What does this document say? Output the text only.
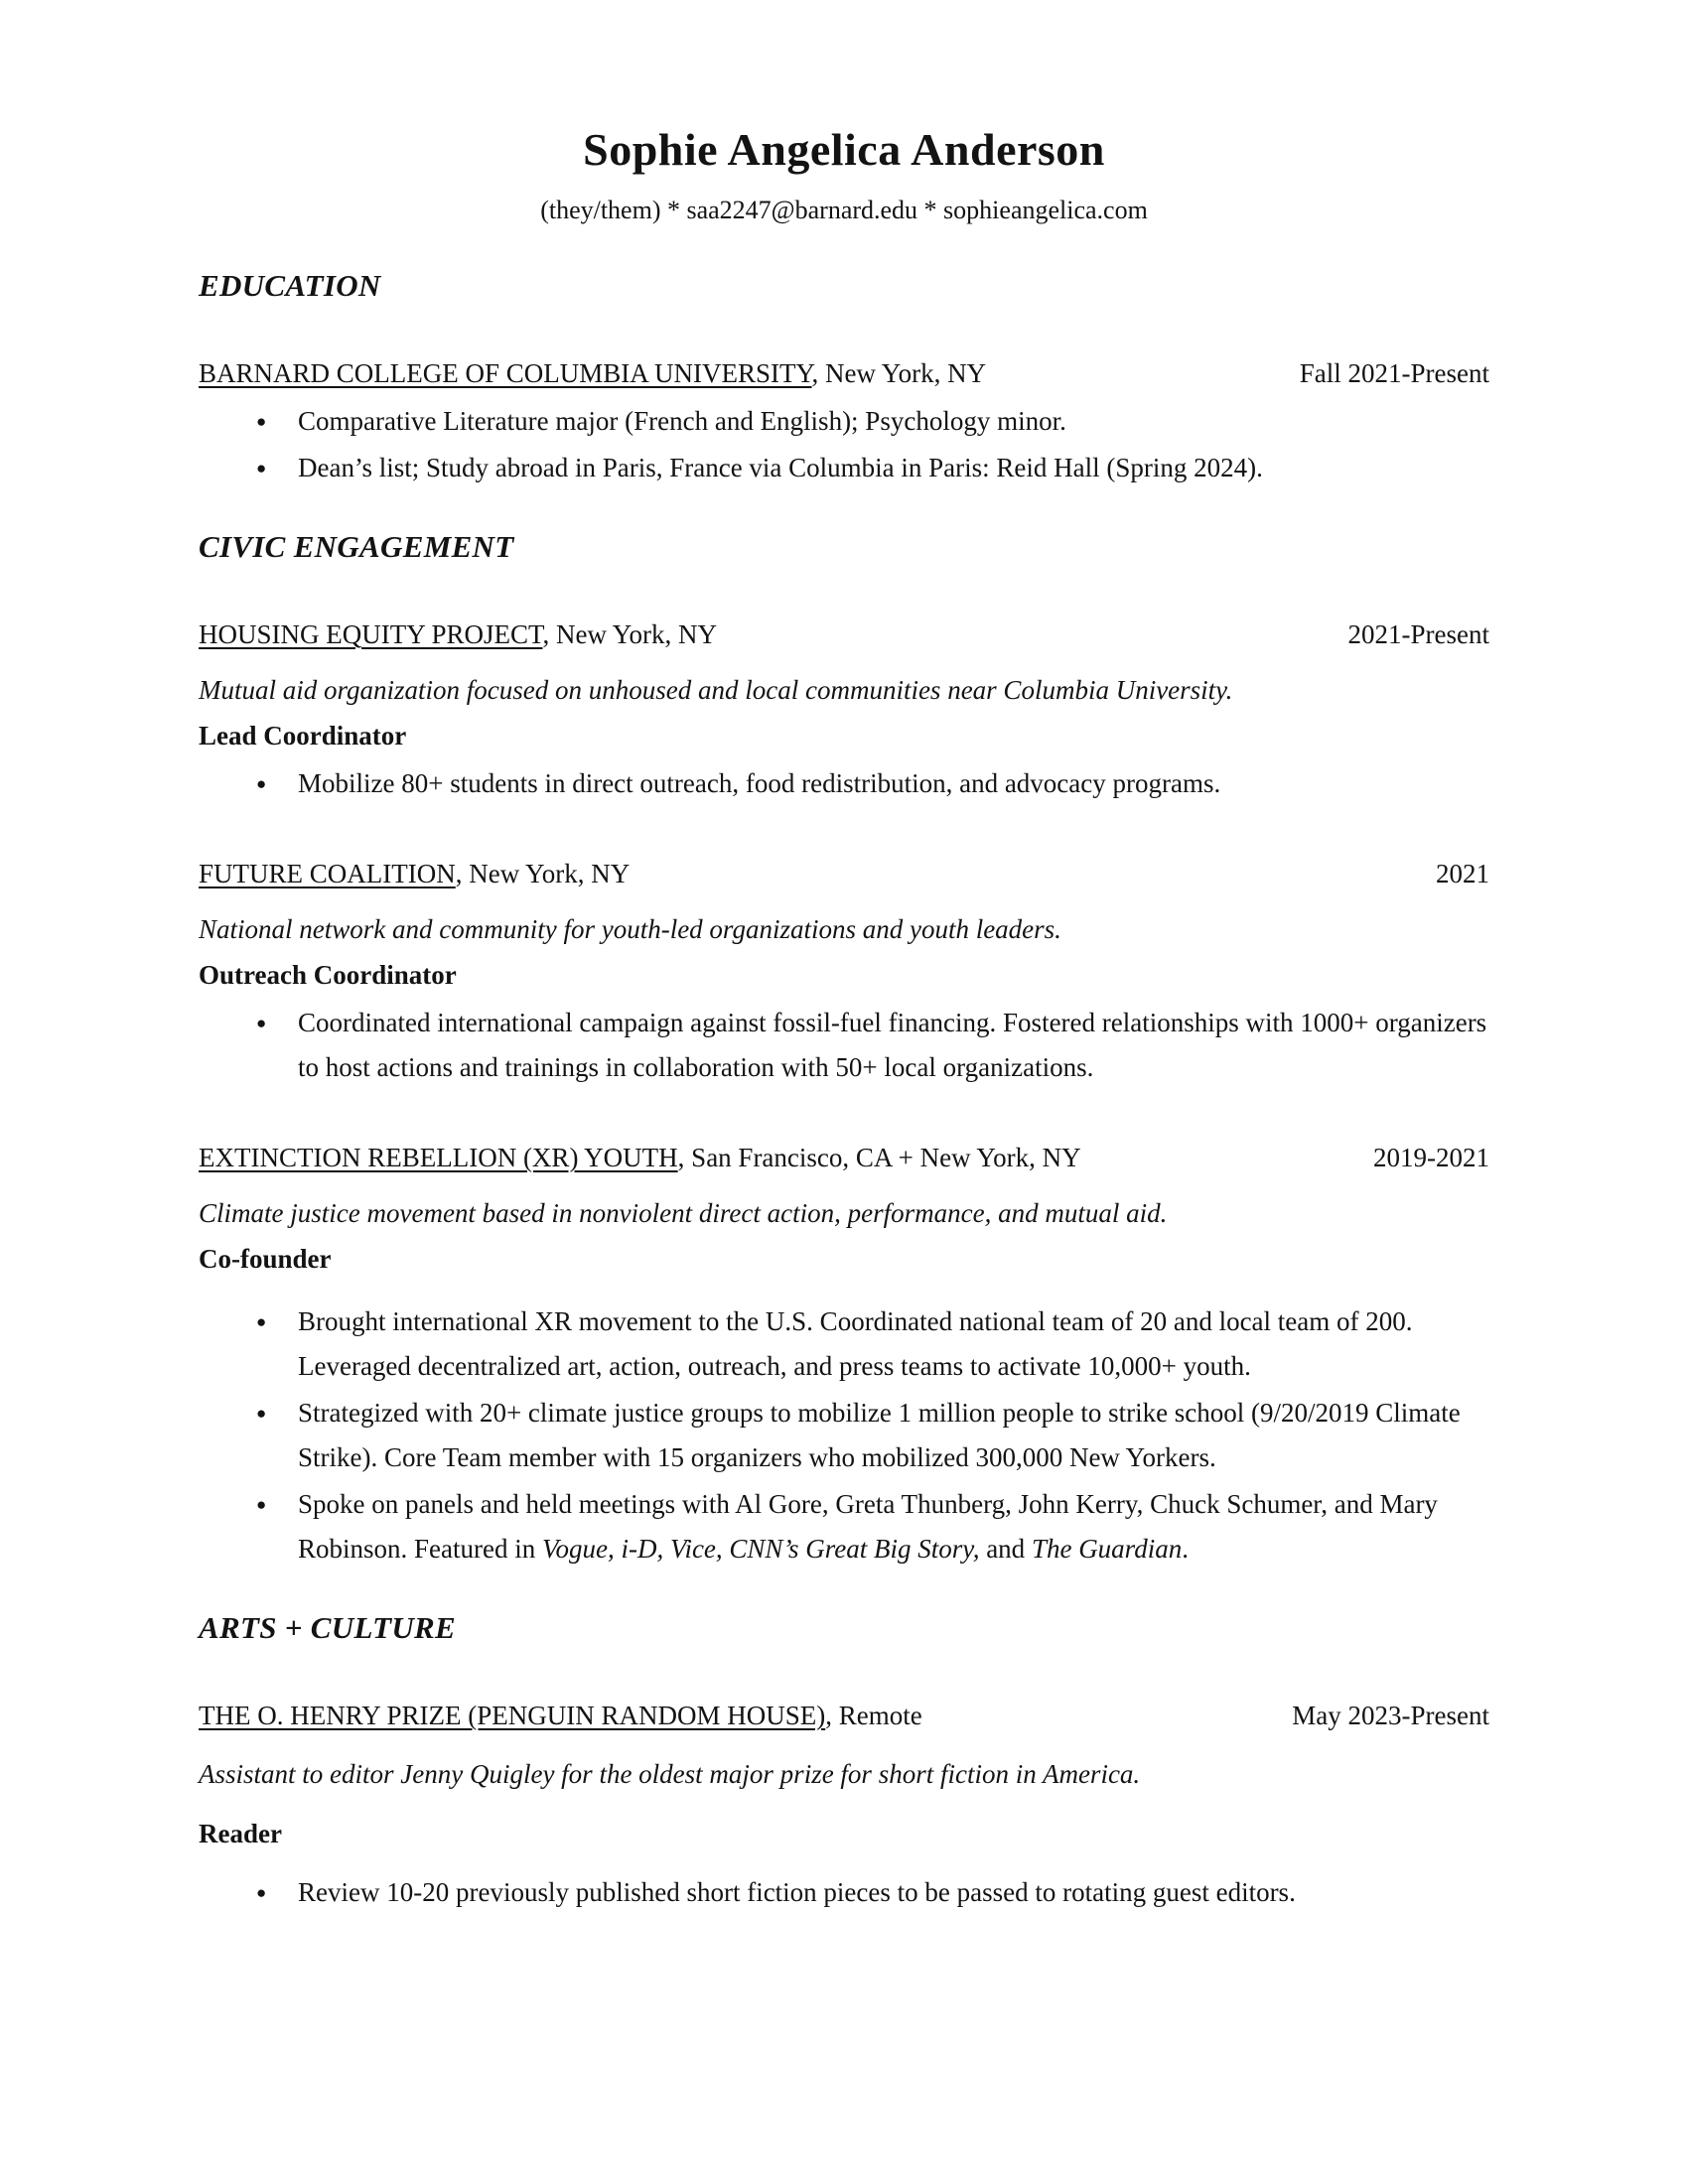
Sophie Angelica Anderson

(they/them) * saa2247@barnard.edu * sophieangelica.com

EDUCATION

BARNARD COLLEGE OF COLUMBIA UNIVERSITY, New York, NY	Fall 2021-Present
● Comparative Literature major (French and English); Psychology minor.
● Dean’s list; Study abroad in Paris, France via Columbia in Paris: Reid Hall (Spring 2024).
CIVIC ENGAGEMENT

HOUSING EQUITY PROJECT, New York, NY	2021-Present

Mutual aid organization focused on unhoused and local communities near Columbia University.

Lead Coordinator

● Mobilize 80+ students in direct outreach, food redistribution, and advocacy programs.

FUTURE COALITION, New York, NY	2021

National network and community for youth-led organizations and youth leaders.

Outreach Coordinator

● Coordinated international campaign against fossil-fuel financing. Fostered relationships with 1000+ organizers to host actions and trainings in collaboration with 50+ local organizations.

EXTINCTION REBELLION (XR) YOUTH, San Francisco, CA + New York, NY	2019-2021

Climate justice movement based in nonviolent direct action, performance, and mutual aid.

Co-founder

● Brought international XR movement to the U.S. Coordinated national team of 20 and local team of 200. Leveraged decentralized art, action, outreach, and press teams to activate 10,000+ youth.
● Strategized with 20+ climate justice groups to mobilize 1 million people to strike school (9/20/2019 Climate Strike). Core Team member with 15 organizers who mobilized 300,000 New Yorkers.
● Spoke on panels and held meetings with Al Gore, Greta Thunberg, John Kerry, Chuck Schumer, and Mary Robinson. Featured in Vogue, i-D, Vice, CNN’s Great Big Story, and The Guardian.
ARTS + CULTURE

THE O. HENRY PRIZE (PENGUIN RANDOM HOUSE), Remote	May 2023-Present

Assistant to editor Jenny Quigley for the oldest major prize for short fiction in America.

Reader

● Review 10-20 previously published short fiction pieces to be passed to rotating guest editors.
